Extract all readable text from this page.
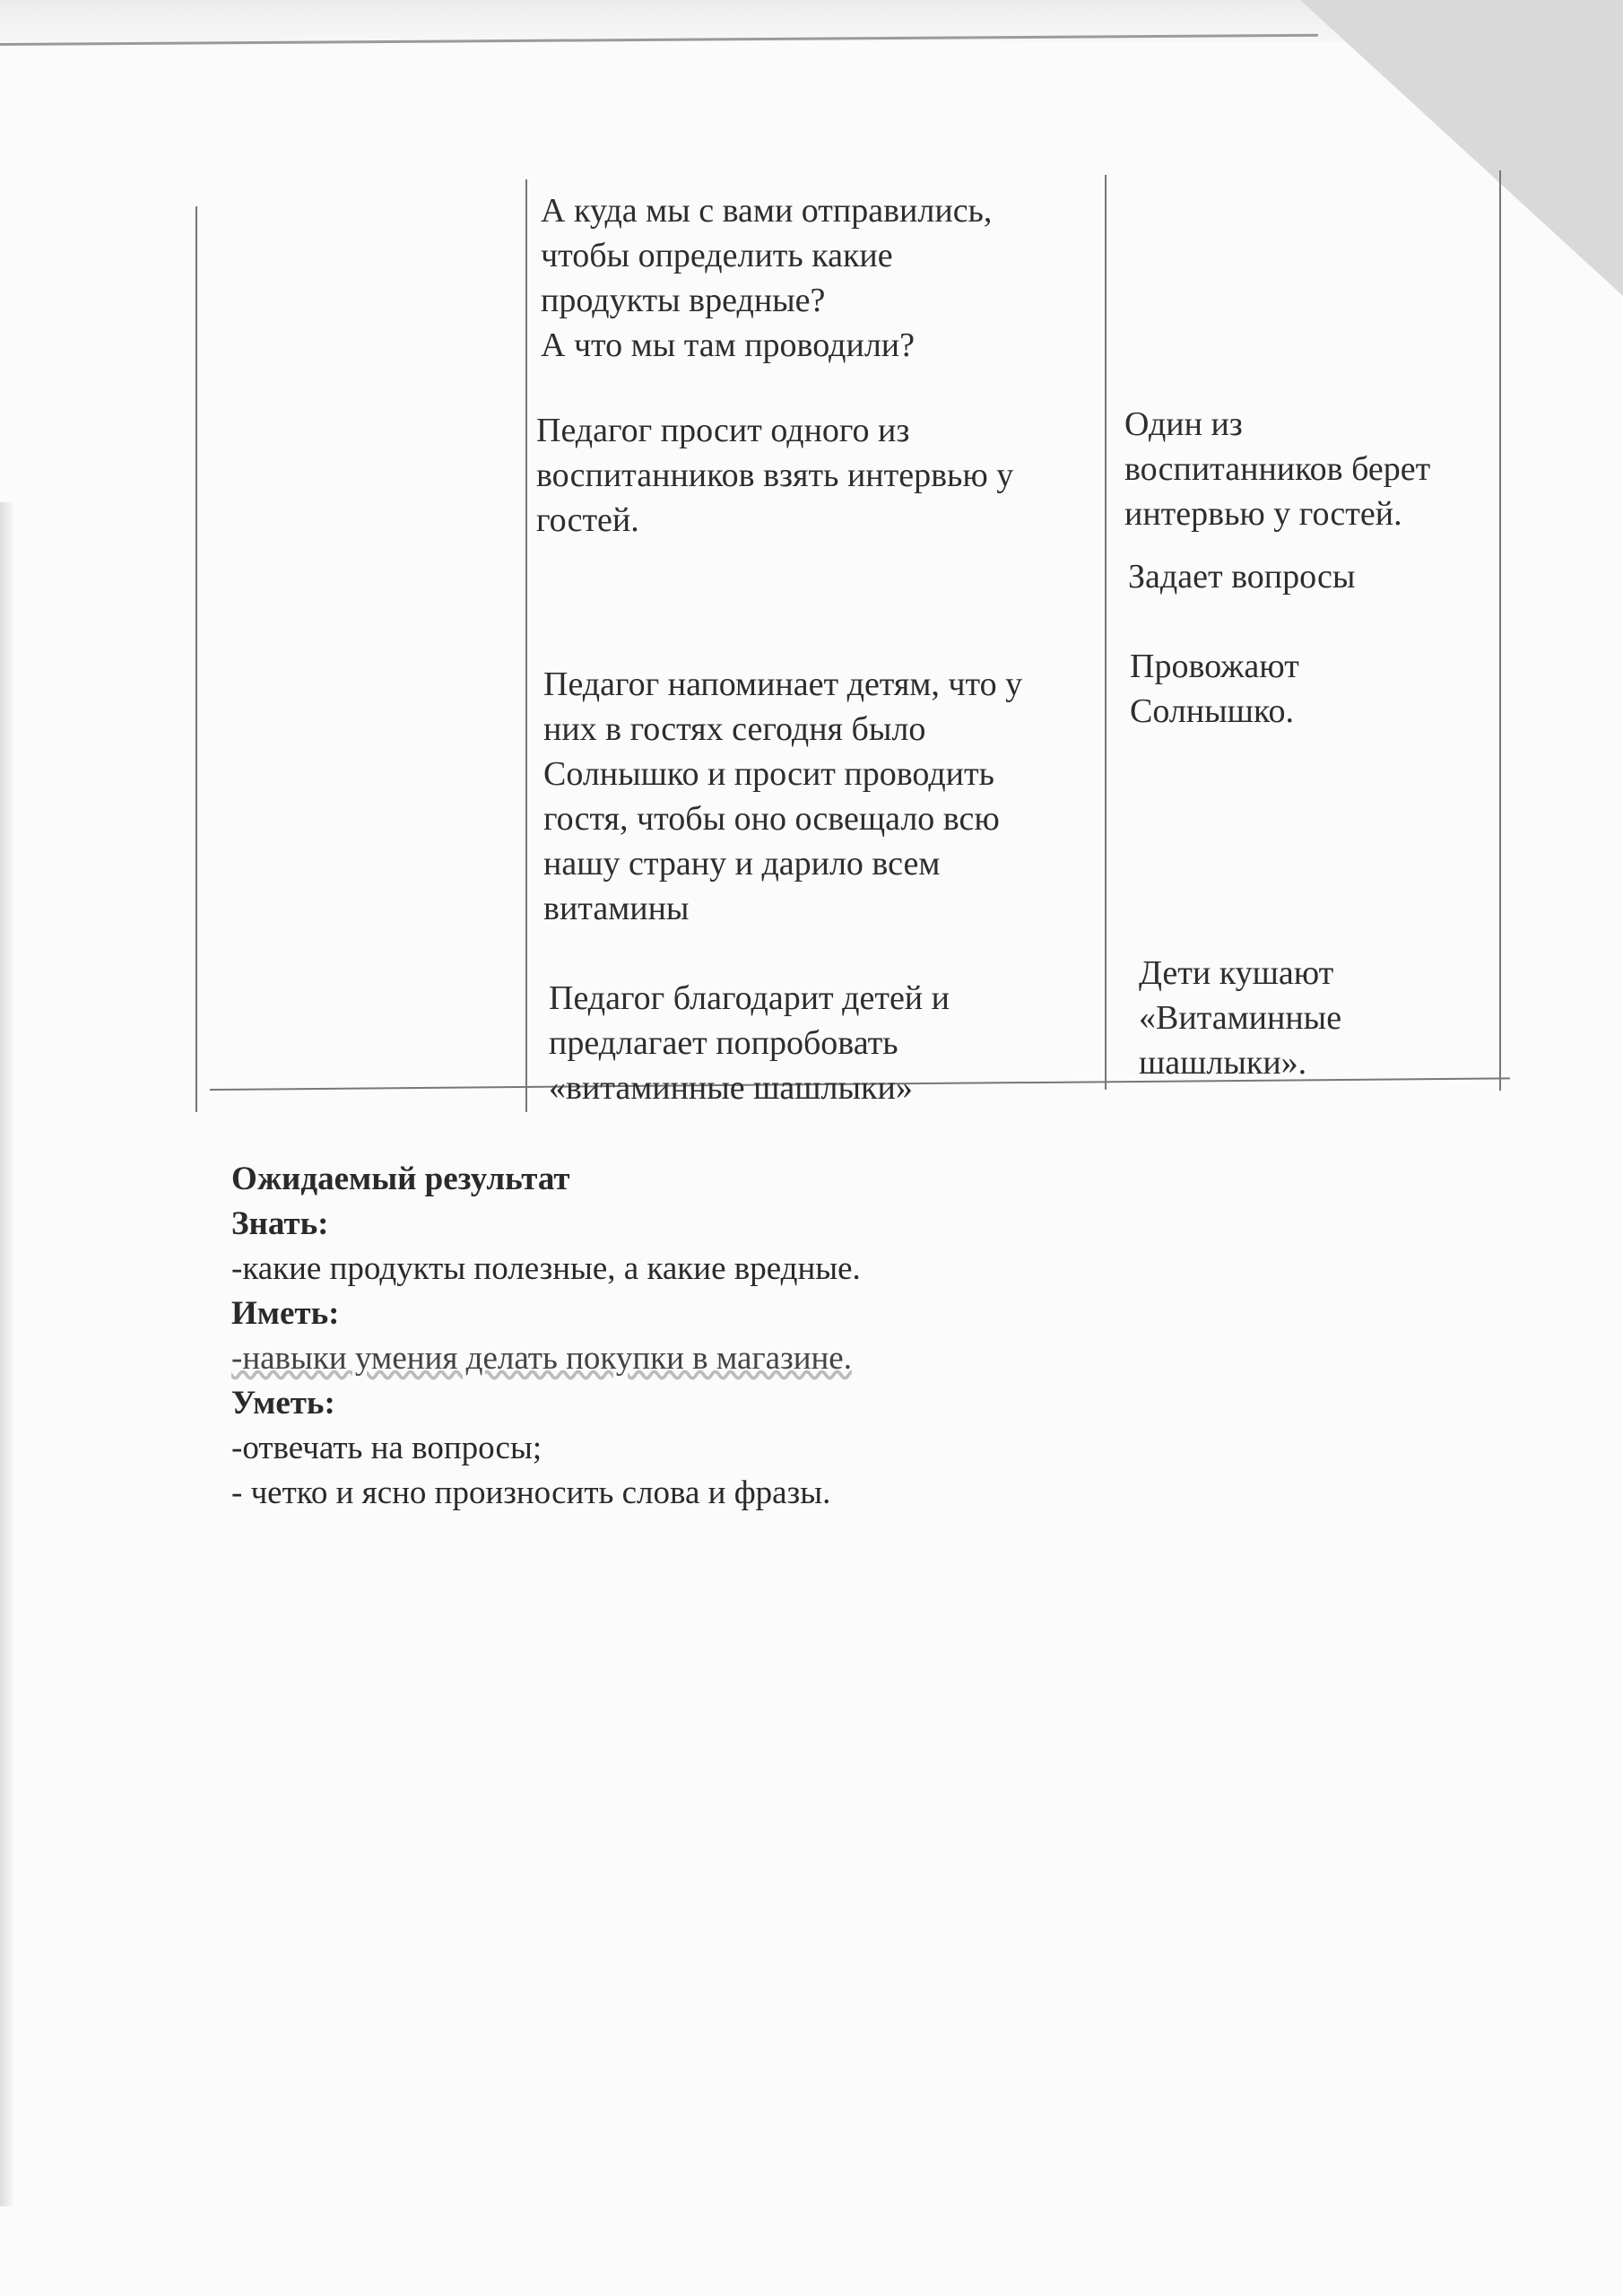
А куда мы с вами отправились,
чтобы определить какие
продукты вредные?
А что мы там проводили?
Педагог просит одного из
воспитанников взять интервью у
гостей.
Педагог напоминает детям, что у
них в гостях сегодня было
Солнышко и просит проводить
гостя, чтобы оно освещало всю
нашу страну и дарило всем
витамины
Педагог благодарит детей и
предлагает попробовать
«витаминные шашлыки»
Один из
воспитанников берет
интервью у гостей.
Задает вопросы
Провожают
Солнышко.
Дети кушают
«Витаминные
шашлыки».
Ожидаемый результат
Знать:
-какие продукты полезные, а какие вредные.
Иметь:
-навыки умения делать покупки в магазине.
Уметь:
-отвечать на вопросы;
- четко и ясно произносить слова и фразы.
